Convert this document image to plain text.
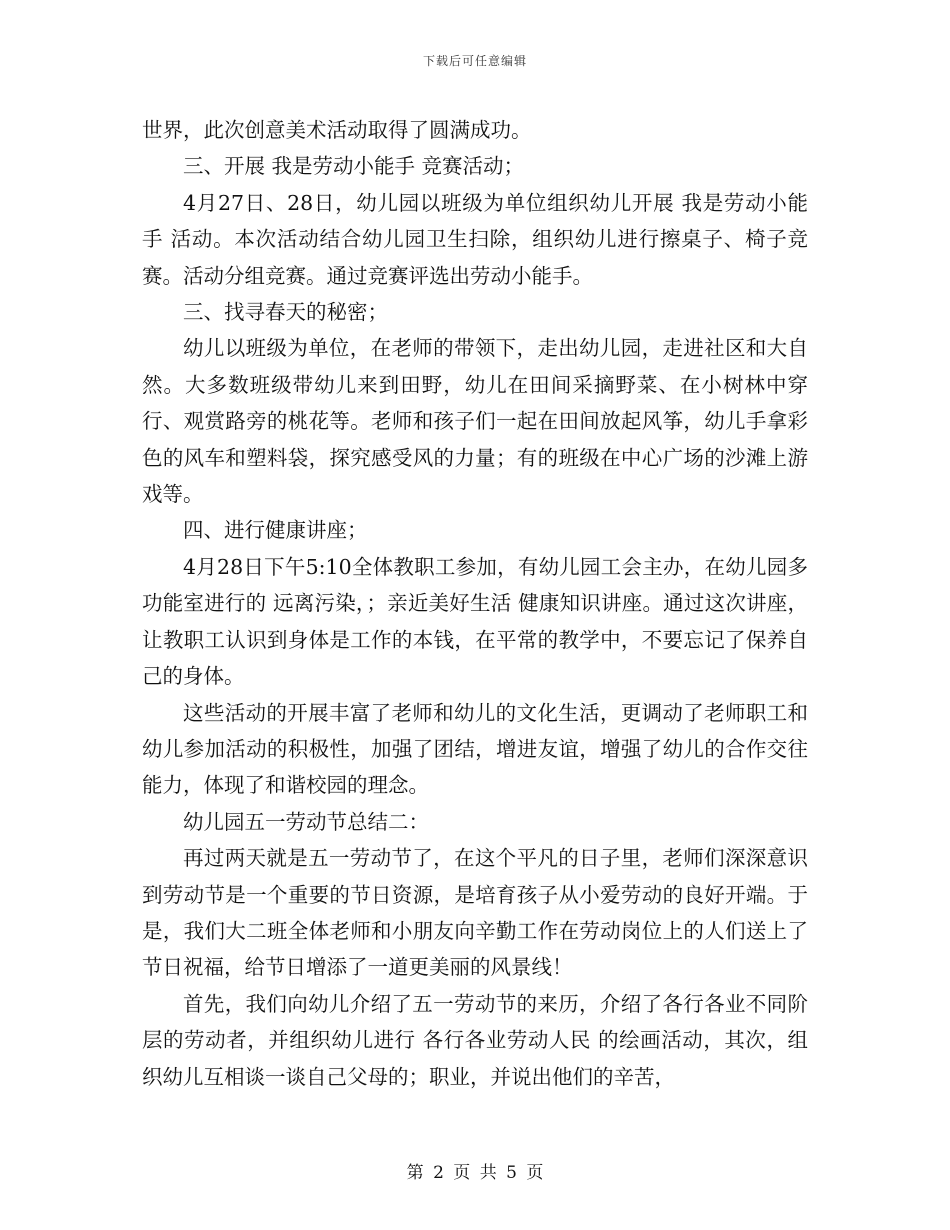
下载后可任意编辑

世界，此次创意美术活动取得了圆满成功。

三、开展 我是劳动小能手 竞赛活动；

4月27日、28日，幼儿园以班级为单位组织幼儿开展 我是劳动小能手 活动。本次活动结合幼儿园卫生扫除，组织幼儿进行擦桌子、椅子竞赛。活动分组竞赛。通过竞赛评选出劳动小能手。

三、找寻春天的秘密；

幼儿以班级为单位，在老师的带领下，走出幼儿园，走进社区和大自然。大多数班级带幼儿来到田野，幼儿在田间采摘野菜、在小树林中穿行、观赏路旁的桃花等。老师和孩子们一起在田间放起风筝，幼儿手拿彩色的风车和塑料袋，探究感受风的力量；有的班级在中心广场的沙滩上游戏等。

四、进行健康讲座；

4月28日下午5:10全体教职工参加，有幼儿园工会主办，在幼儿园多功能室进行的 远离污染，；亲近美好生活 健康知识讲座。通过这次讲座，让教职工认识到身体是工作的本钱，在平常的教学中，不要忘记了保养自己的身体。

这些活动的开展丰富了老师和幼儿的文化生活，更调动了老师职工和幼儿参加活动的积极性，加强了团结，增进友谊，增强了幼儿的合作交往能力，体现了和谐校园的理念。

幼儿园五一劳动节总结二：

再过两天就是五一劳动节了，在这个平凡的日子里，老师们深深意识到劳动节是一个重要的节日资源，是培育孩子从小爱劳动的良好开端。于是，我们大二班全体老师和小朋友向辛勤工作在劳动岗位上的人们送上了节日祝福，给节日增添了一道更美丽的风景线！

首先，我们向幼儿介绍了五一劳动节的来历，介绍了各行各业不同阶层的劳动者，并组织幼儿进行 各行各业劳动人民 的绘画活动，其次，组织幼儿互相谈一谈自己父母的；职业，并说出他们的辛苦，

第 2 页 共 5 页
